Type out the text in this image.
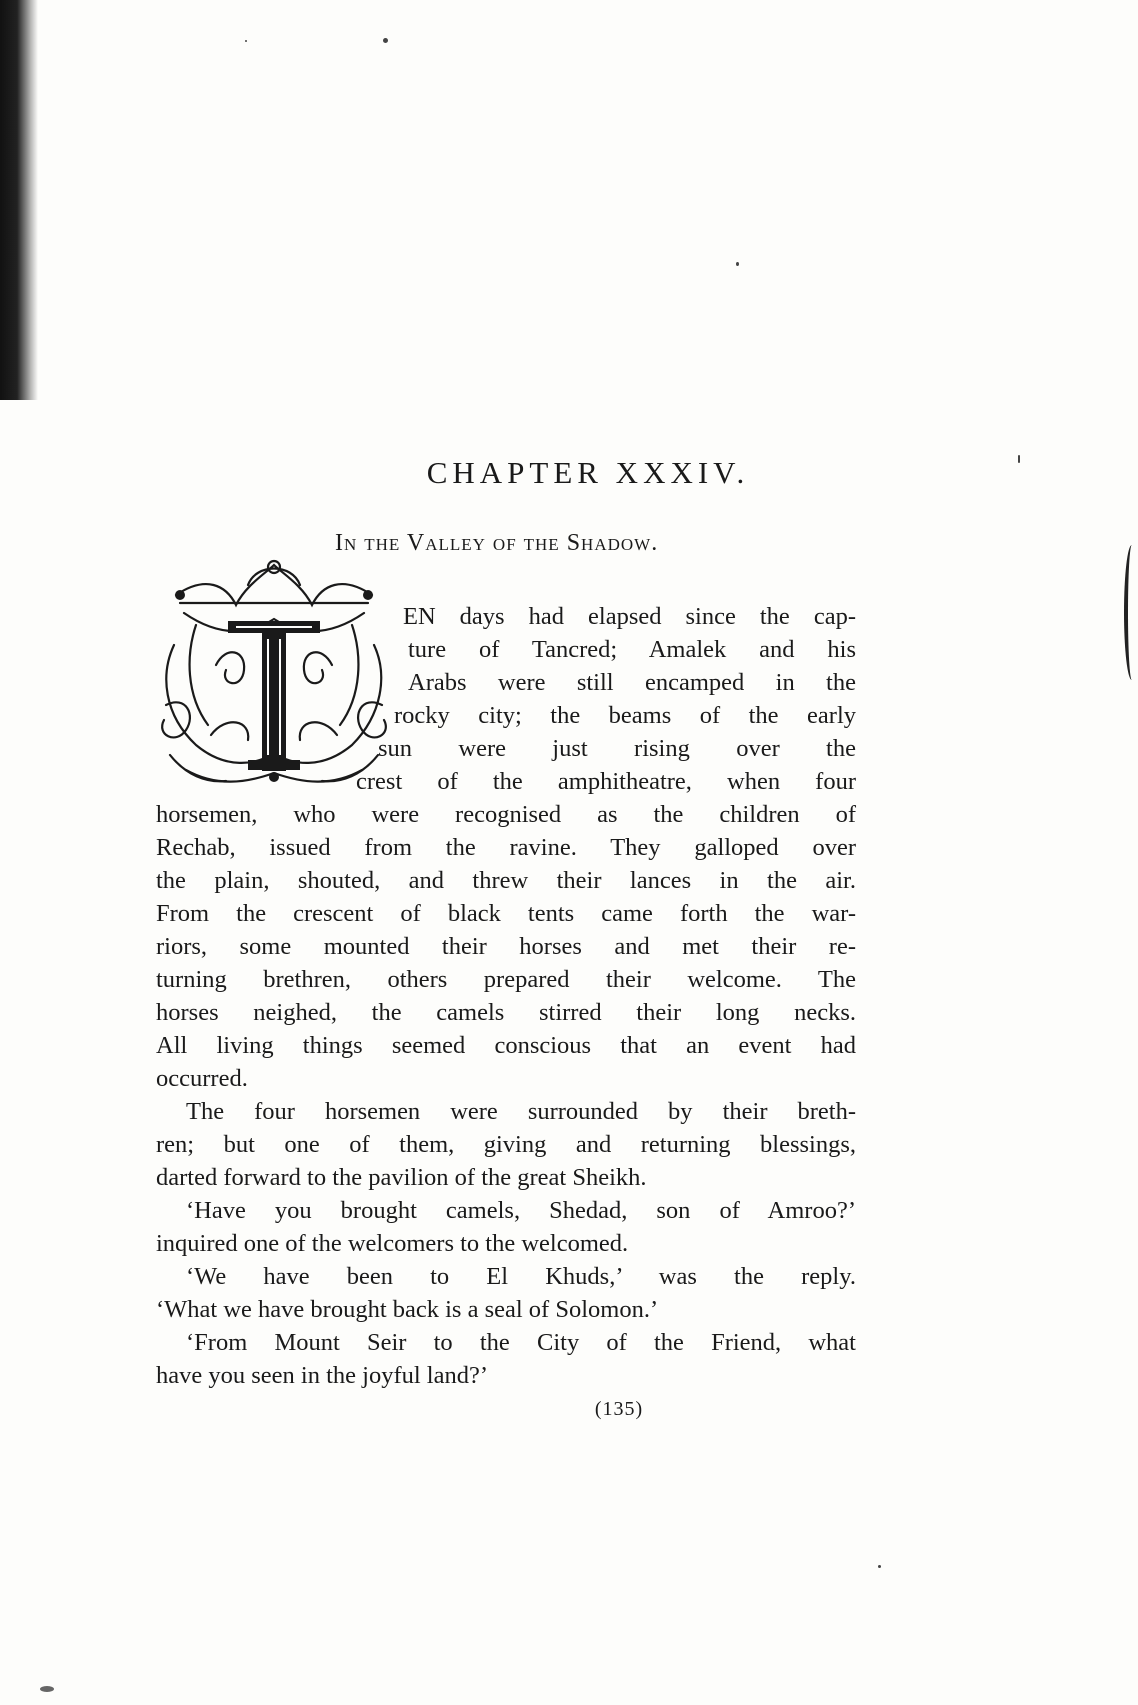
CHAPTER XXXIV.
In the Valley of the Shadow.
EN days had elapsed since the cap-
ture of Tancred; Amalek and his
Arabs were still encamped in the
rocky city; the beams of the early
sun were just rising over the
crest of the amphitheatre, when four
horsemen, who were recognised as the children of
Rechab, issued from the ravine. They galloped over
the plain, shouted, and threw their lances in the air.
From the crescent of black tents came forth the war-
riors, some mounted their horses and met their re-
turning brethren, others prepared their welcome. The
horses neighed, the camels stirred their long necks.
All living things seemed conscious that an event had
occurred.
The four horsemen were surrounded by their breth-
ren; but one of them, giving and returning blessings,
darted forward to the pavilion of the great Sheikh.
‘Have you brought camels, Shedad, son of Amroo?’
inquired one of the welcomers to the welcomed.
‘We have been to El Khuds,’ was the reply.
‘What we have brought back is a seal of Solomon.’
‘From Mount Seir to the City of the Friend, what
have you seen in the joyful land?’
(135)
